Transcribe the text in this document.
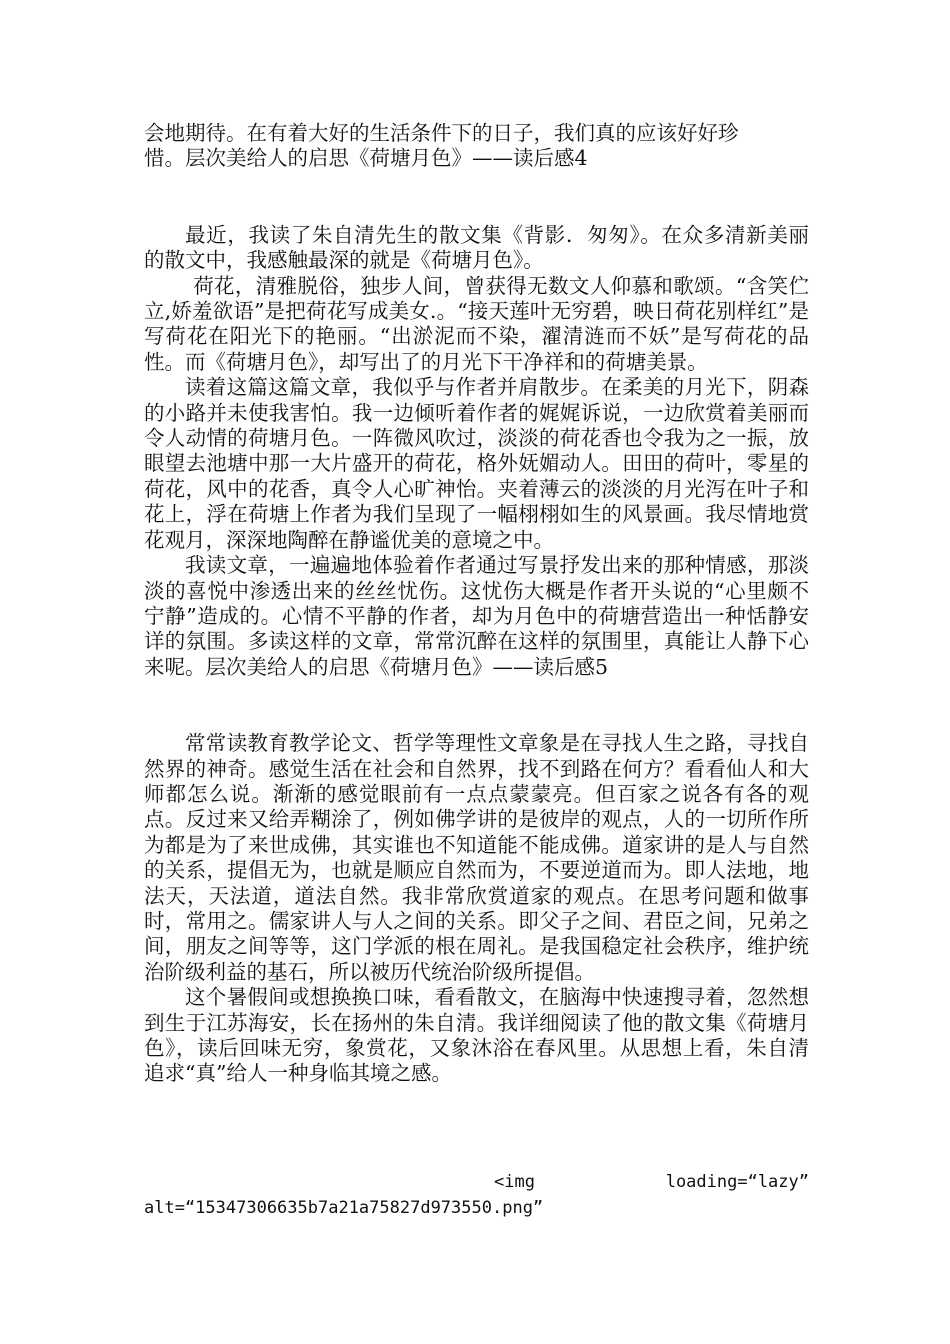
会地期待。在有着大好的生活条件下的日子，我们真的应该好好珍

惜。层次美给人的启思《荷塘月色》——读后感4

最近，我读了朱自清先生的散文集《背影．匆匆》。在众多清新美丽的散文中，我感触最深的就是《荷塘月色》。

荷花，清雅脱俗，独步人间，曾获得无数文人仰慕和歌颂。“含笑伫立,娇羞欲语”是把荷花写成美女.。“接天莲叶无穷碧，映日荷花别样红”是写荷花在阳光下的艳丽。“出淤泥而不染，濯清涟而不妖”是写荷花的品性。而《荷塘月色》，却写出了的月光下干净祥和的荷塘美景。

读着这篇这篇文章，我似乎与作者并肩散步。在柔美的月光下，阴森的小路并未使我害怕。我一边倾听着作者的娓娓诉说，一边欣赏着美丽而令人动情的荷塘月色。一阵微风吹过，淡淡的荷花香也令我为之一振，放眼望去池塘中那一大片盛开的荷花，格外妩媚动人。田田的荷叶，零星的荷花，风中的花香，真令人心旷神怡。夹着薄云的淡淡的月光泻在叶子和花上，浮在荷塘上作者为我们呈现了一幅栩栩如生的风景画。我尽情地赏花观月，深深地陶醉在静谧优美的意境之中。

我读文章，一遍遍地体验着作者通过写景抒发出来的那种情感，那淡淡的喜悦中渗透出来的丝丝忧伤。这忧伤大概是作者开头说的“心里颇不宁静”造成的。心情不平静的作者，却为月色中的荷塘营造出一种恬静安详的氛围。多读这样的文章，常常沉醉在这样的氛围里，真能让人静下心来呢。层次美给人的启思《荷塘月色》——读后感5

常常读教育教学论文、哲学等理性文章象是在寻找人生之路，寻找自然界的神奇。感觉生活在社会和自然界，找不到路在何方？看看仙人和大师都怎么说。渐渐的感觉眼前有一点点蒙蒙亮。但百家之说各有各的观点。反过来又给弄糊涂了，例如佛学讲的是彼岸的观点，人的一切所作所为都是为了来世成佛，其实谁也不知道能不能成佛。道家讲的是人与自然的关系，提倡无为，也就是顺应自然而为，不要逆道而为。即人法地，地法天，天法道，道法自然。我非常欣赏道家的观点。在思考问题和做事时，常用之。儒家讲人与人之间的关系。即父子之间、君臣之间，兄弟之间，朋友之间等等，这门学派的根在周礼。是我国稳定社会秩序，维护统治阶级利益的基石，所以被历代统治阶级所提倡。

这个暑假间或想换换口味，看看散文，在脑海中快速搜寻着，忽然想到生于江苏海安，长在扬州的朱自清。我详细阅读了他的散文集《荷塘月色》，读后回味无穷，象赏花，又象沐浴在春风里。从思想上看，朱自清追求“真”给人一种身临其境之感。

<img	loading=“lazy”
alt=“15347306635b7a21a75827d973550.png”
